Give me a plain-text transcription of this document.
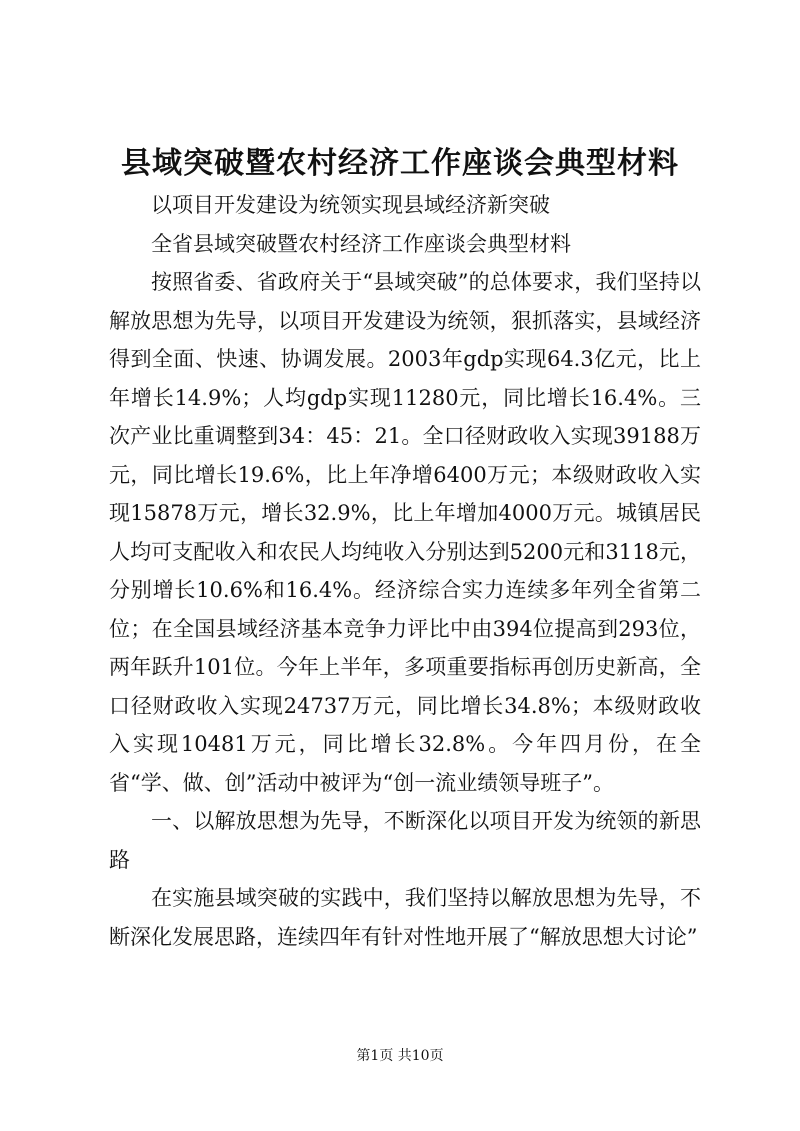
县域突破暨农村经济工作座谈会典型材料

以项目开发建设为统领实现县域经济新突破

全省县域突破暨农村经济工作座谈会典型材料

按照省委、省政府关于“县域突破”的总体要求，我们坚持以解放思想为先导，以项目开发建设为统领，狠抓落实，县域经济得到全面、快速、协调发展。2003年gdp实现64.3亿元，比上年增长14.9%；人均gdp实现11280元，同比增长16.4%。三次产业比重调整到34：45：21。全口径财政收入实现39188万元，同比增长19.6%，比上年净增6400万元；本级财政收入实现15878万元，增长32.9%，比上年增加4000万元。城镇居民人均可支配收入和农民人均纯收入分别达到5200元和3118元，分别增长10.6%和16.4%。经济综合实力连续多年列全省第二位；在全国县域经济基本竞争力评比中由394位提高到293位，两年跃升101位。今年上半年，多项重要指标再创历史新高，全口径财政收入实现24737万元，同比增长34.8%；本级财政收入实现10481万元，同比增长32.8%。今年四月份，在全省“学、做、创”活动中被评为“创一流业绩领导班子”。

一、以解放思想为先导，不断深化以项目开发为统领的新思路

在实施县域突破的实践中，我们坚持以解放思想为先导，不断深化发展思路，连续四年有针对性地开展了“解放思想大讨论”

第1页 共10页
